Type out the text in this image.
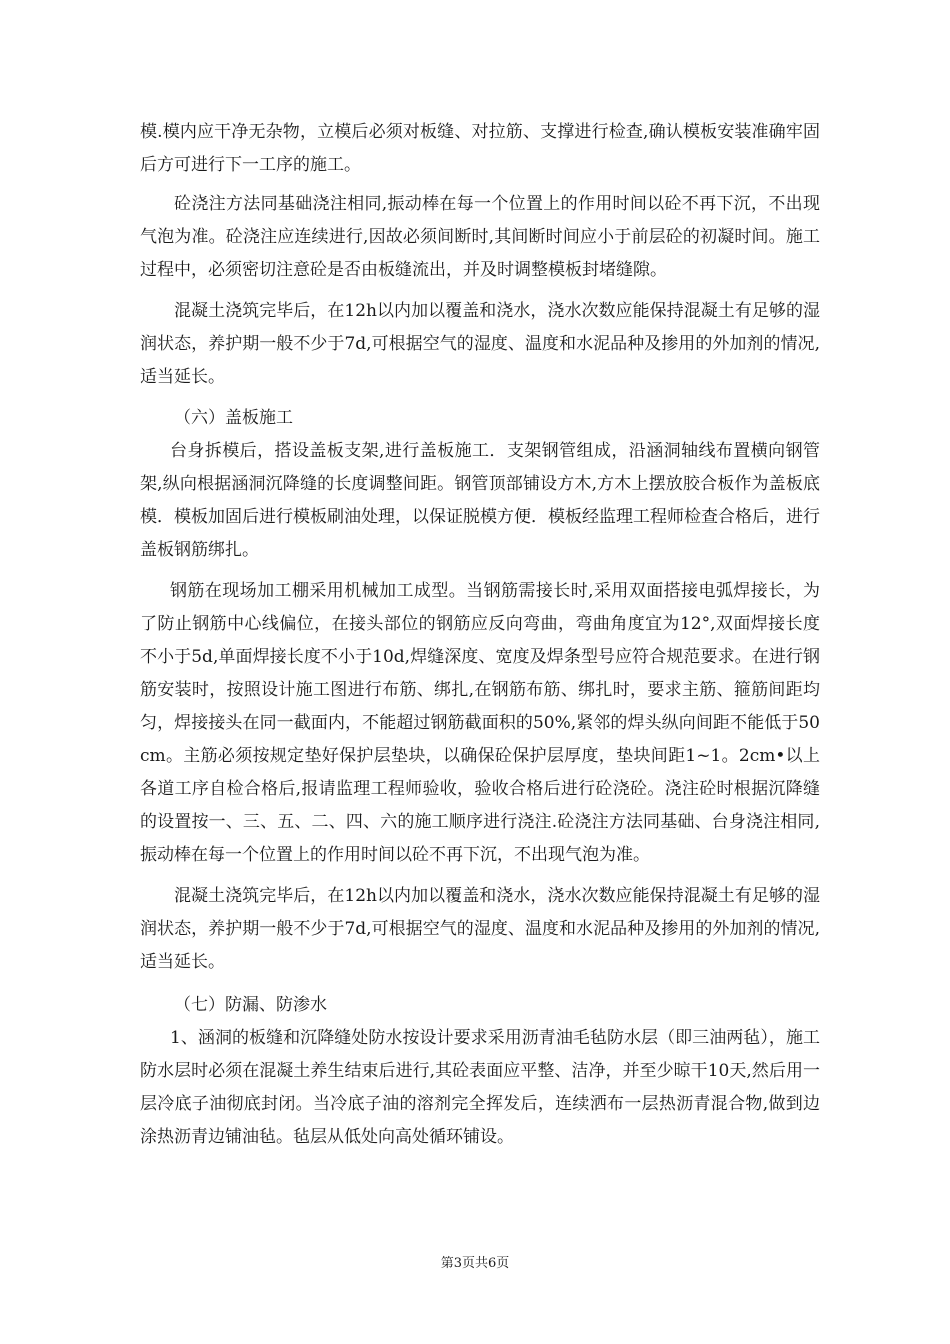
模.模内应干净无杂物，立模后必须对板缝、对拉筋、支撑进行检查,确认模板安装准确牢固后方可进行下一工序的施工。

砼浇注方法同基础浇注相同,振动棒在每一个位置上的作用时间以砼不再下沉，不出现气泡为准。砼浇注应连续进行,因故必须间断时,其间断时间应小于前层砼的初凝时间。施工过程中，必须密切注意砼是否由板缝流出，并及时调整模板封堵缝隙。

混凝土浇筑完毕后，在12h以内加以覆盖和浇水，浇水次数应能保持混凝土有足够的湿润状态，养护期一般不少于7d,可根据空气的湿度、温度和水泥品种及掺用的外加剂的情况,适当延长。

（六）盖板施工

台身拆模后，搭设盖板支架,进行盖板施工．支架钢管组成，沿涵洞轴线布置横向钢管架,纵向根据涵洞沉降缝的长度调整间距。钢管顶部铺设方木,方木上摆放胶合板作为盖板底模．模板加固后进行模板刷油处理，以保证脱模方便．模板经监理工程师检查合格后，进行盖板钢筋绑扎。

钢筋在现场加工棚采用机械加工成型。当钢筋需接长时,采用双面搭接电弧焊接长，为了防止钢筋中心线偏位，在接头部位的钢筋应反向弯曲，弯曲角度宜为12°,双面焊接长度不小于5d,单面焊接长度不小于10d,焊缝深度、宽度及焊条型号应符合规范要求。在进行钢筋安装时，按照设计施工图进行布筋、绑扎,在钢筋布筋、绑扎时，要求主筋、箍筋间距均匀，焊接接头在同一截面内，不能超过钢筋截面积的50%,紧邻的焊头纵向间距不能低于50cm。主筋必须按规定垫好保护层垫块，以确保砼保护层厚度，垫块间距1~1。2cm•以上各道工序自检合格后,报请监理工程师验收，验收合格后进行砼浇砼。浇注砼时根据沉降缝的设置按一、三、五、二、四、六的施工顺序进行浇注.砼浇注方法同基础、台身浇注相同,振动棒在每一个位置上的作用时间以砼不再下沉，不出现气泡为准。

混凝土浇筑完毕后，在12h以内加以覆盖和浇水，浇水次数应能保持混凝土有足够的湿润状态，养护期一般不少于7d,可根据空气的湿度、温度和水泥品种及掺用的外加剂的情况,适当延长。

（七）防漏、防渗水

1、涵洞的板缝和沉降缝处防水按设计要求采用沥青油毛毡防水层（即三油两毡），施工防水层时必须在混凝土养生结束后进行,其砼表面应平整、洁净，并至少晾干10天,然后用一层冷底子油彻底封闭。当冷底子油的溶剂完全挥发后，连续洒布一层热沥青混合物,做到边涂热沥青边铺油毡。毡层从低处向高处循环铺设。

第3页共6页
